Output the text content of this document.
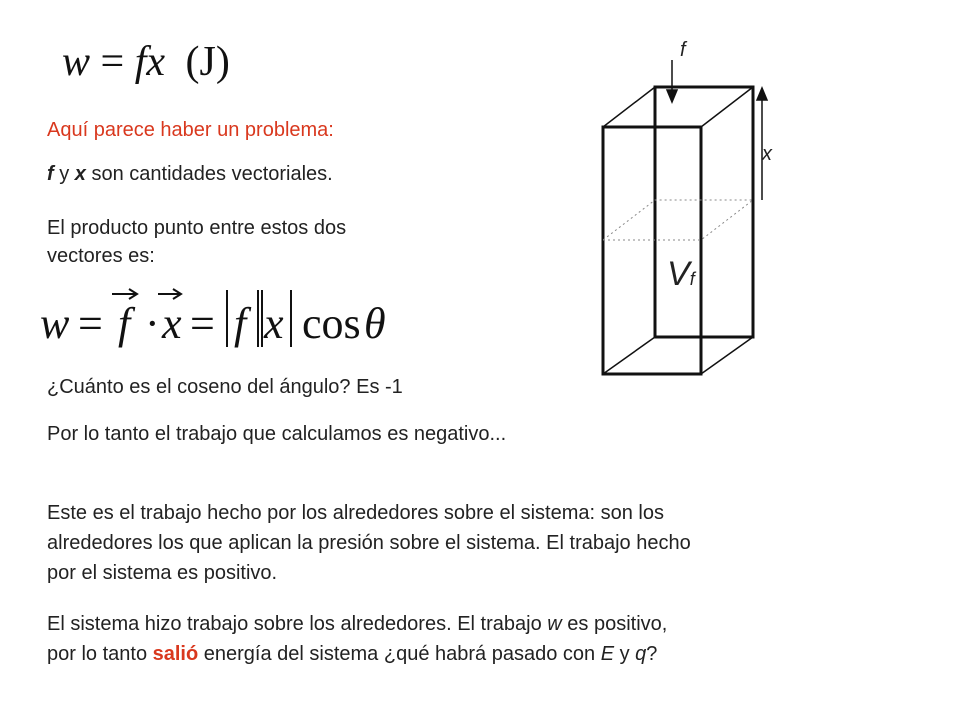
w = fx (J)
Aquí parece haber un problema:
f y x son cantidades vectoriales.
El producto punto entre estos dos
vectores es:
w = f · x = f x cos θ
¿Cuánto es el coseno del ángulo? Es -1
Por lo tanto el trabajo que calculamos es negativo...
Este es el trabajo hecho por los alrededores sobre el sistema: son los
alrededores los que aplican la presión sobre el sistema. El trabajo hecho
por el sistema es positivo.
El sistema hizo trabajo sobre los alrededores. El trabajo w es positivo,
por lo tanto salió energía del sistema ¿qué habrá pasado con E y q?
f
x
Vf
